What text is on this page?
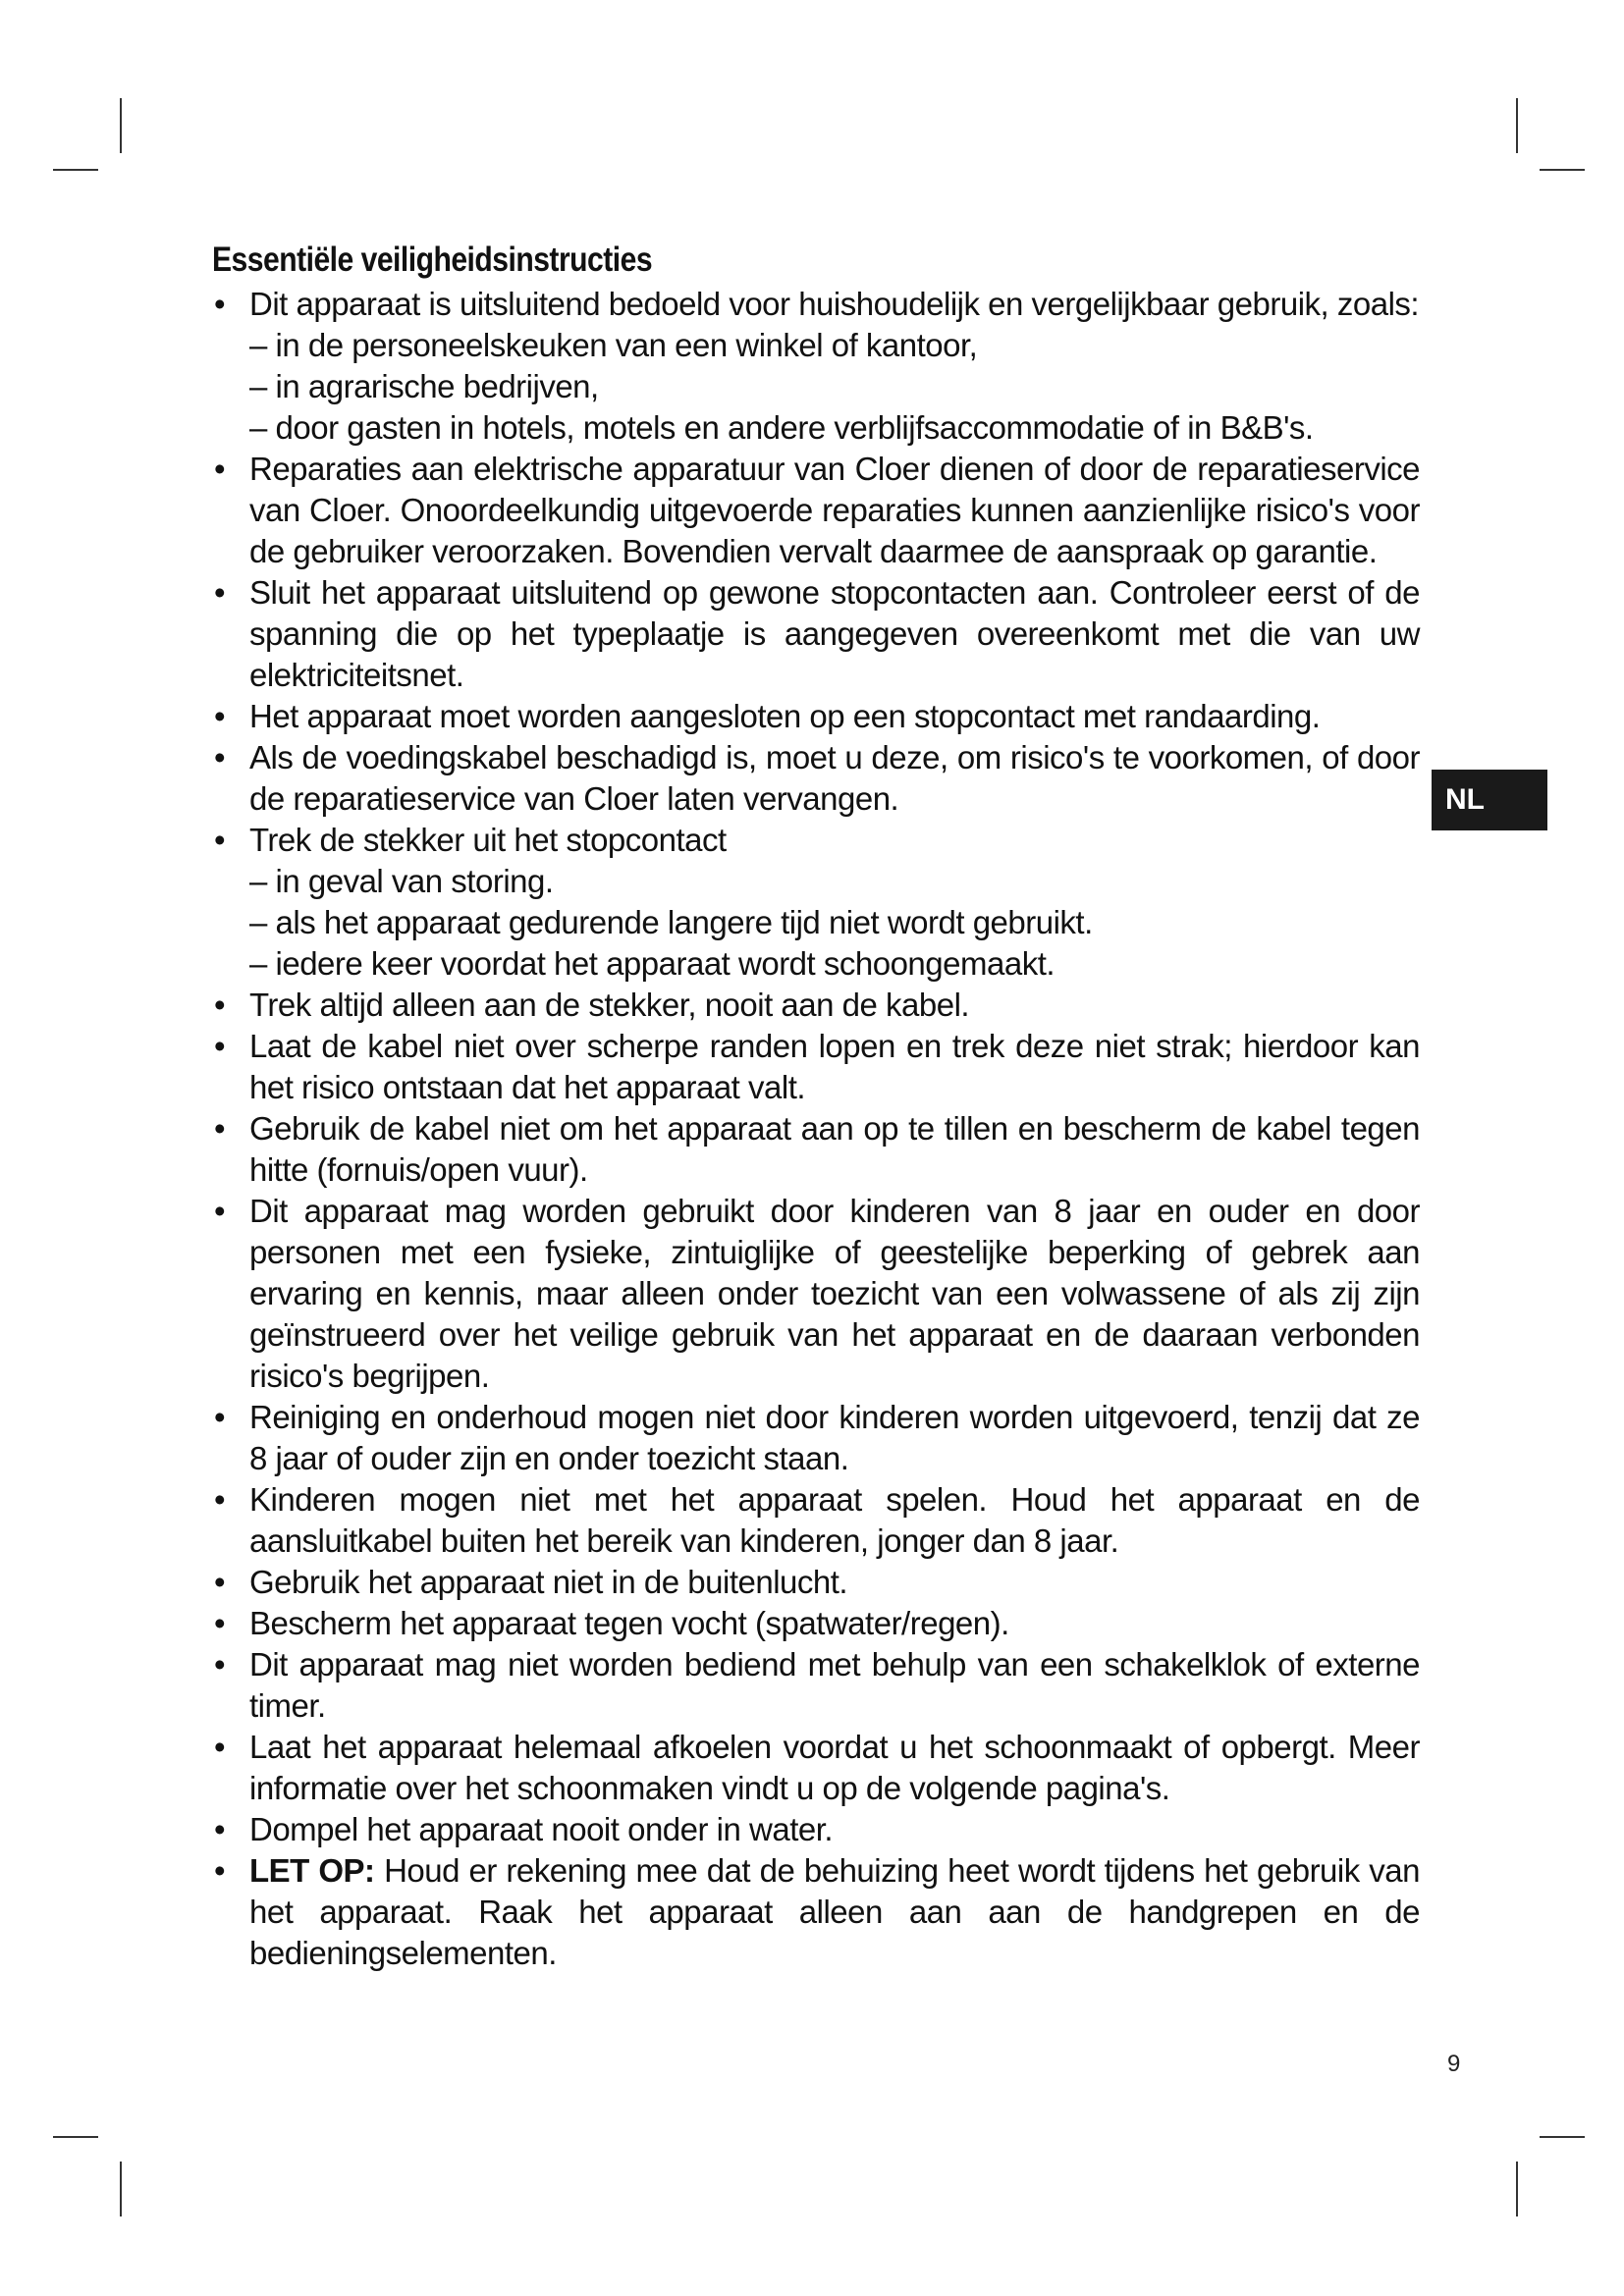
Essentiële veiligheidsinstructies
• Dit apparaat is uitsluitend bedoeld voor huishoudelijk en vergelijkbaar gebruik, zoals:
– in de personeelskeuken van een winkel of kantoor,
– in agrarische bedrijven,
– door gasten in hotels, motels en andere verblijfsaccommodatie of in B&B's.
• Reparaties aan elektrische apparatuur van Cloer dienen of door de reparatieservice van Cloer. Onoordeelkundig uitgevoerde reparaties kunnen aanzienlijke risico's voor de gebruiker veroorzaken. Bovendien vervalt daarmee de aanspraak op garantie.
• Sluit het apparaat uitsluitend op gewone stopcontacten aan. Controleer eerst of de spanning die op het typeplaatje is aangegeven overeenkomt met die van uw elektriciteitsnet.
• Het apparaat moet worden aangesloten op een stopcontact met randaarding.
• Als de voedingskabel beschadigd is, moet u deze, om risico's te voorkomen, of door de reparatieservice van Cloer laten vervangen.
• Trek de stekker uit het stopcontact
– in geval van storing.
– als het apparaat gedurende langere tijd niet wordt gebruikt.
– iedere keer voordat het apparaat wordt schoongemaakt.
• Trek altijd alleen aan de stekker, nooit aan de kabel.
• Laat de kabel niet over scherpe randen lopen en trek deze niet strak; hierdoor kan het risico ontstaan dat het apparaat valt.
• Gebruik de kabel niet om het apparaat aan op te tillen en bescherm de kabel tegen hitte (fornuis/open vuur).
• Dit apparaat mag worden gebruikt door kinderen van 8 jaar en ouder en door personen met een fysieke, zintuiglijke of geestelijke beperking of gebrek aan ervaring en kennis, maar alleen onder toezicht van een volwassene of als zij zijn geïnstrueerd over het veilige gebruik van het apparaat en de daaraan verbonden risico's begrijpen.
• Reiniging en onderhoud mogen niet door kinderen worden uitgevoerd, tenzij dat ze 8 jaar of ouder zijn en onder toezicht staan.
• Kinderen mogen niet met het apparaat spelen. Houd het apparaat en de aansluitkabel buiten het bereik van kinderen, jonger dan 8 jaar.
• Gebruik het apparaat niet in de buitenlucht.
• Bescherm het apparaat tegen vocht (spatwater/regen).
• Dit apparaat mag niet worden bediend met behulp van een schakelklok of externe timer.
• Laat het apparaat helemaal afkoelen voordat u het schoonmaakt of opbergt. Meer informatie over het schoonmaken vindt u op de volgende pagina's.
• Dompel het apparaat nooit onder in water.
• LET OP: Houd er rekening mee dat de behuizing heet wordt tijdens het gebruik van het apparaat. Raak het apparaat alleen aan aan de handgrepen en de bedieningselementen.
NL
9
